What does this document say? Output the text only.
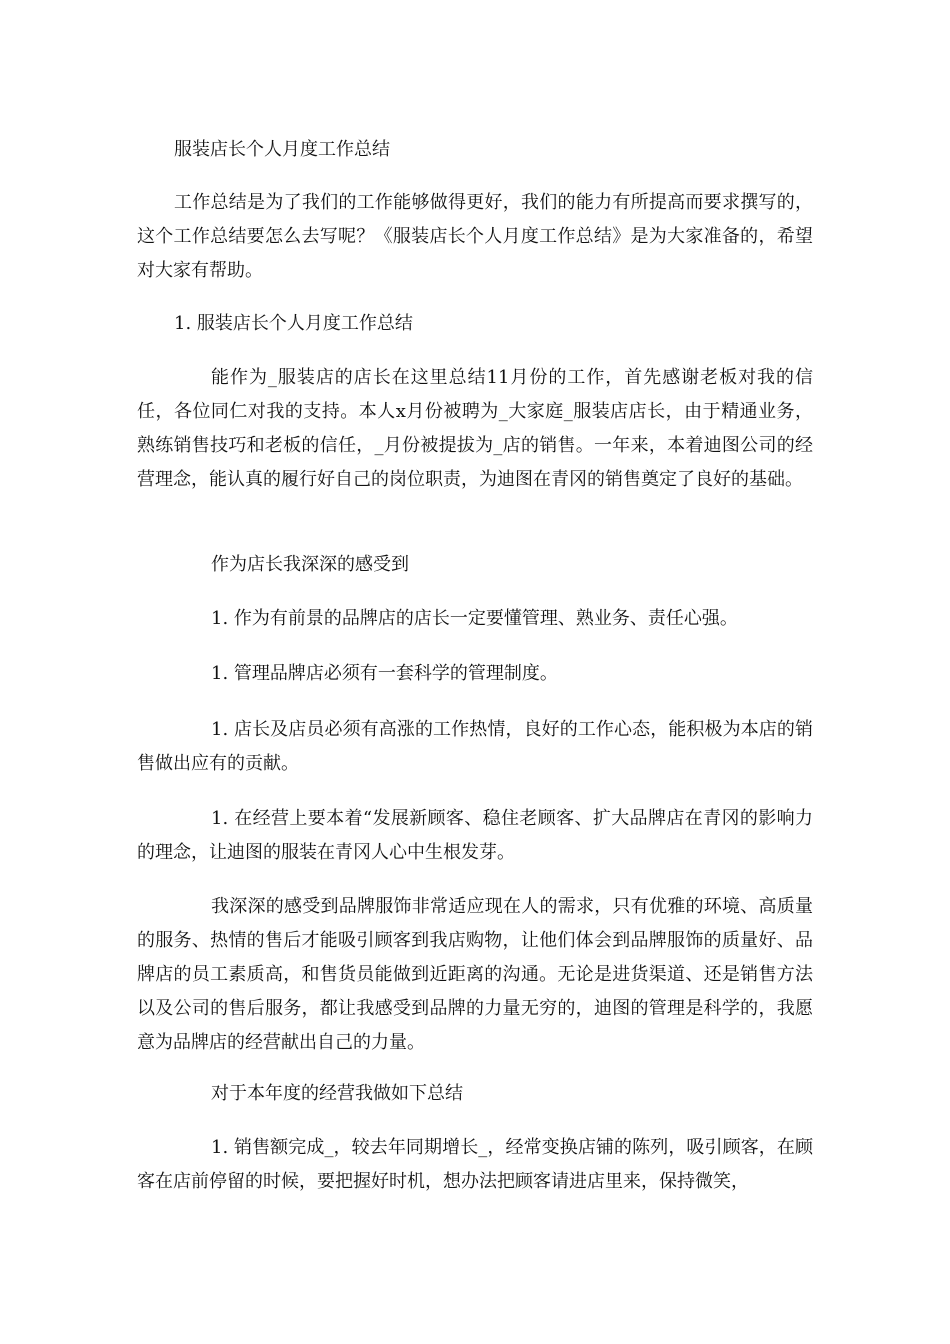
服装店长个人月度工作总结

工作总结是为了我们的工作能够做得更好，我们的能力有所提高而要求撰写的，这个工作总结要怎么去写呢？《服装店长个人月度工作总结》是为大家准备的，希望对大家有帮助。

1. 服装店长个人月度工作总结

能作为_服装店的店长在这里总结11月份的工作，首先感谢老板对我的信任，各位同仁对我的支持。本人x月份被聘为_大家庭_服装店店长，由于精通业务，熟练销售技巧和老板的信任，_月份被提拔为_店的销售。一年来，本着迪图公司的经营理念，能认真的履行好自己的岗位职责，为迪图在青冈的销售奠定了良好的基础。

作为店长我深深的感受到

1. 作为有前景的品牌店的店长一定要懂管理、熟业务、责任心强。

1. 管理品牌店必须有一套科学的管理制度。

1. 店长及店员必须有高涨的工作热情，良好的工作心态，能积极为本店的销售做出应有的贡献。

1. 在经营上要本着“发展新顾客、稳住老顾客、扩大品牌店在青冈的影响力的理念，让迪图的服装在青冈人心中生根发芽。

我深深的感受到品牌服饰非常适应现在人的需求，只有优雅的环境、高质量的服务、热情的售后才能吸引顾客到我店购物，让他们体会到品牌服饰的质量好、品牌店的员工素质高，和售货员能做到近距离的沟通。无论是进货渠道、还是销售方法以及公司的售后服务，都让我感受到品牌的力量无穷的，迪图的管理是科学的，我愿意为品牌店的经营献出自己的力量。

对于本年度的经营我做如下总结

1. 销售额完成_，较去年同期增长_，经常变换店铺的陈列，吸引顾客，在顾客在店前停留的时候，要把握好时机，想办法把顾客请进店里来，保持微笑，
